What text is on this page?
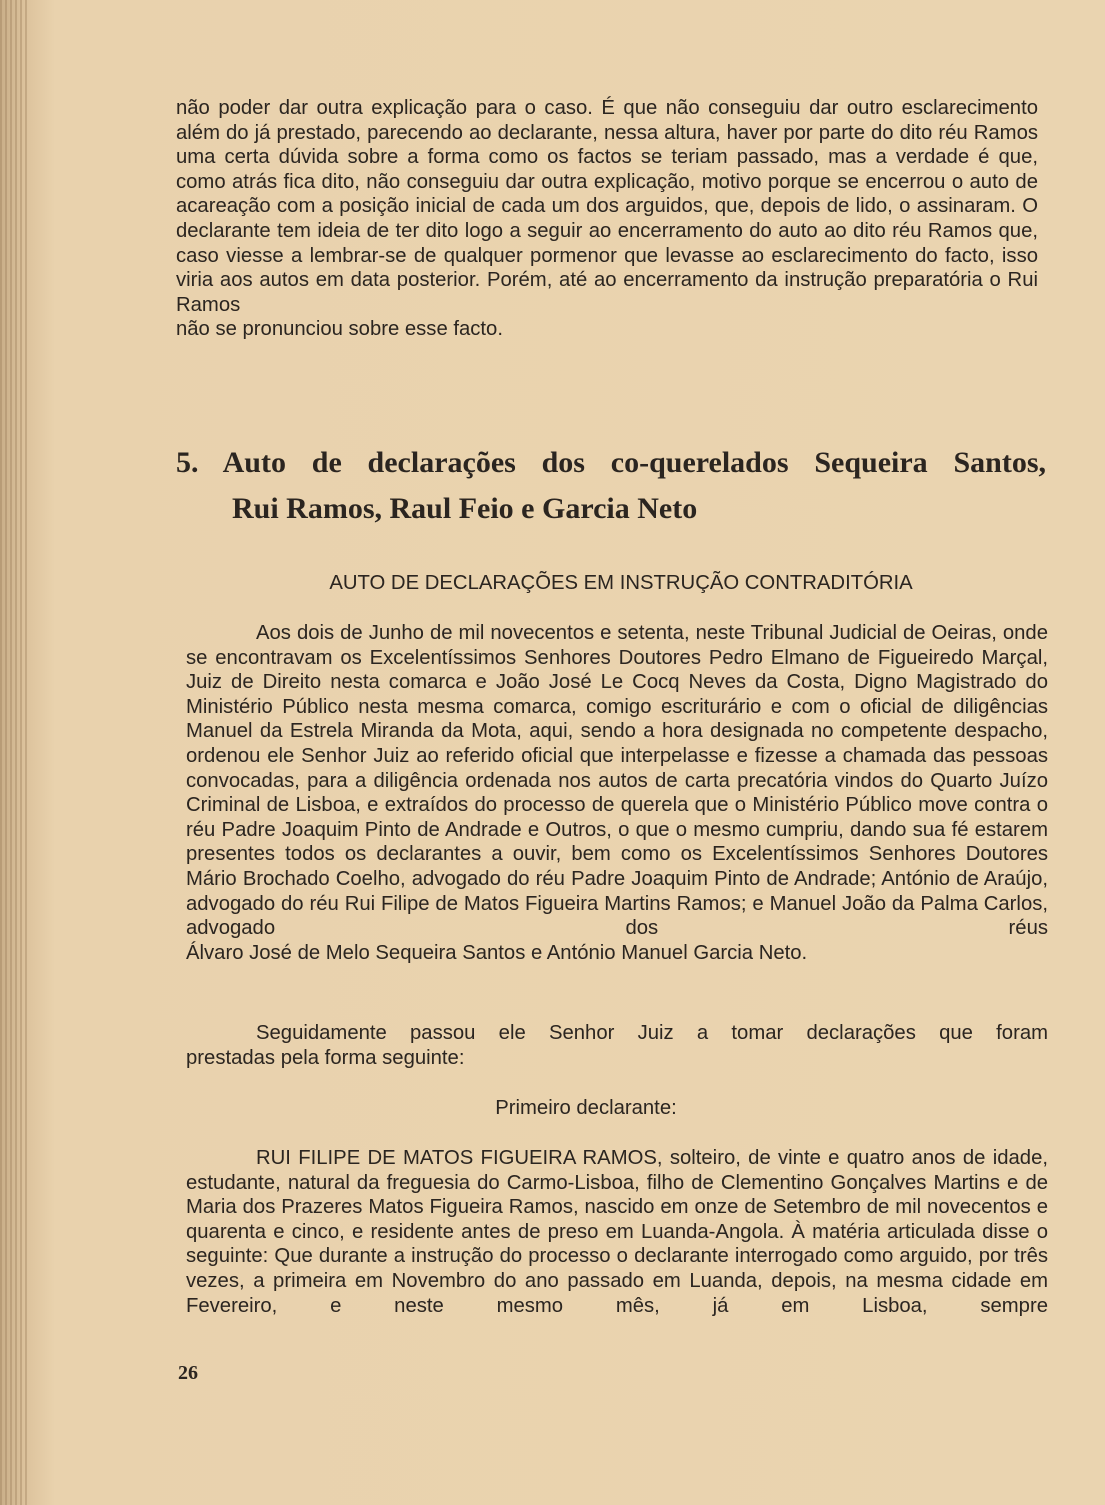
não poder dar outra explicação para o caso. É que não conseguiu dar outro esclarecimento além do já prestado, parecendo ao declarante, nessa altura, haver por parte do dito réu Ramos uma certa dúvida sobre a forma como os factos se teriam passado, mas a verdade é que, como atrás fica dito, não conseguiu dar outra explicação, motivo porque se encerrou o auto de acareação com a posição inicial de cada um dos arguidos, que, depois de lido, o assinaram. O declarante tem ideia de ter dito logo a seguir ao encerramento do auto ao dito réu Ramos que, caso viesse a lembrar-se de qualquer pormenor que levasse ao esclarecimento do facto, isso viria aos autos em data posterior. Porém, até ao encerramento da instrução preparatória o Rui Ramos
não se pronunciou sobre esse facto.

5. Auto de declarações dos co-querelados Sequeira Santos,
Rui Ramos, Raul Feio e Garcia Neto

AUTO DE DECLARAÇÕES EM INSTRUÇÃO CONTRADITÓRIA

Aos dois de Junho de mil novecentos e setenta, neste Tribunal Judicial de Oeiras, onde se encontravam os Excelentíssimos Senhores Doutores Pedro Elmano de Figueiredo Marçal, Juiz de Direito nesta comarca e João José Le Cocq Neves da Costa, Digno Magistrado do Ministério Público nesta mesma comarca, comigo escriturário e com o oficial de diligências Manuel da Estrela Miranda da Mota, aqui, sendo a hora designada no competente despacho, ordenou ele Senhor Juiz ao referido oficial que interpelasse e fizesse a chamada das pessoas convocadas, para a diligência ordenada nos autos de carta precatória vindos do Quarto Juízo Criminal de Lisboa, e extraídos do processo de querela que o Ministério Público move contra o réu Padre Joaquim Pinto de Andrade e Outros, o que o mesmo cumpriu, dando sua fé estarem presentes todos os declarantes a ouvir, bem como os Excelentíssimos Senhores Doutores Mário Brochado Coelho, advogado do réu Padre Joaquim Pinto de Andrade; António de Araújo, advogado do réu Rui Filipe de Matos Figueira Martins Ramos; e Manuel João da Palma Carlos, advogado dos réus
Álvaro José de Melo Sequeira Santos e António Manuel Garcia Neto.

Seguidamente passou ele Senhor Juiz a tomar declarações que foram
prestadas pela forma seguinte:

Primeiro declarante:

RUI FILIPE DE MATOS FIGUEIRA RAMOS, solteiro, de vinte e quatro anos de idade, estudante, natural da freguesia do Carmo-Lisboa, filho de Clementino Gonçalves Martins e de Maria dos Prazeres Matos Figueira Ramos, nascido em onze de Setembro de mil novecentos e quarenta e cinco, e residente antes de preso em Luanda-Angola. À matéria articulada disse o seguinte: Que durante a instrução do processo o declarante interrogado como arguido, por três vezes, a primeira em Novembro do ano passado em Luanda, depois, na mesma cidade em Fevereiro, e neste mesmo mês, já em Lisboa, sempre

26
